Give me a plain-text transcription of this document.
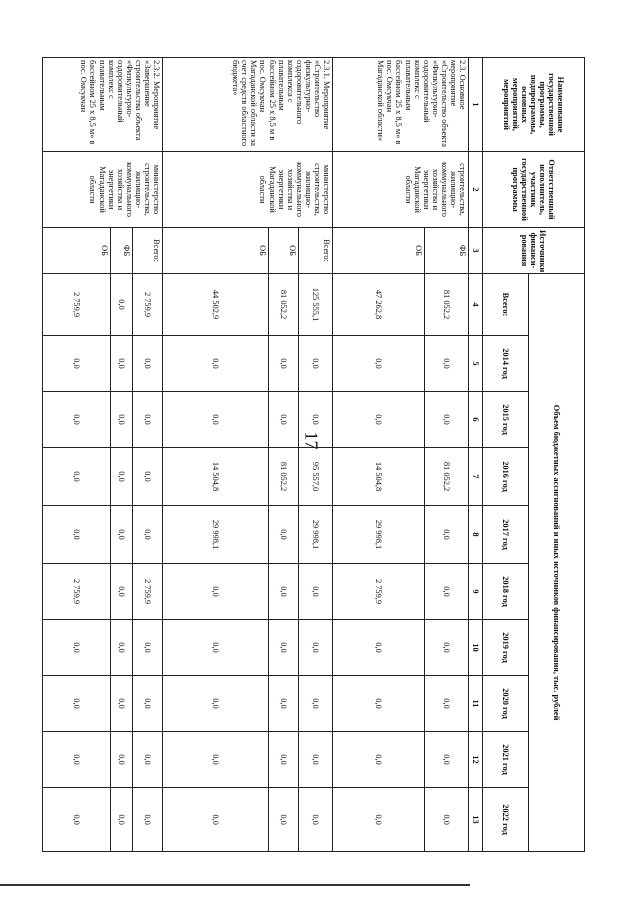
17
Наименование государственной программы, подпрограммы, основных мероприятий, мероприятий	Ответственный исполнитель, участник государственной программы	Источники финанси-рования	Объем бюджетных ассигнований и иных источников финансирования, тыс. рублей									
			Всего:	2014 год	2015 год	2016 год	2017 год	2018 год	2019 год	2020 год	2021 год	2022 год
1	2	3	4	5	6	7	8	9	10	11	12	13
2.3. Основное мероприятие «Строительство объекта «Физкультурно-оздоровительный комплекс с плавательным бассейном 25 х 8,5 м» в пос. Омсукчан Магаданской области»	строительства, жилищно-коммунального хозяйства и энергетики Магаданской области	ФБ	81 052,2	0,0	0,0	81 052,2	0,0	0,0	0,0	0,0	0,0	0,0
		ОБ	47 262,8	0,0	0,0	14 504,8	29 998,1	2 759,9	0,0	0,0	0,0	0,0
2.3.1. Мероприятие «Строительство физкультурно-оздоровительного комплекса с плавательным бассейном 25 х 8,5 м в пос. Омсукчан Магаданской области за счет средств областного бюджета»	министерство строительства, жилищно-коммунального хозяйства и энергетики Магаданской области	Всего:	125 555,1	0,0	0,0	95 557,0	29 998,1	0,0	0,0	0,0	0,0	0,0
		ОБ	81 052,2	0,0	0,0	81 052,2	0,0	0,0	0,0	0,0	0,0	0,0
		ОБ	44 502,9	0,0	0,0	14 504,8	29 998,1	0,0	0,0	0,0	0,0	0,0
2.3.2. Мероприятие «Завершение строительства объекта «Физкультурно-оздоровительный комплекс с плавательным бассейном 25 х 8,5 м» в пос. Омсукчан	министерство строительства, жилищно-коммунального хозяйства и энергетики Магаданской области	Всего:	2 759,9	0,0	0,0	0,0	0,0	2 759,9	0,0	0,0	0,0	0,0
		ФБ	0,0	0,0	0,0	0,0	0,0	0,0	0,0	0,0	0,0	0,0
		ОБ	2 759,9	0,0	0,0	0,0	0,0	2 759,9	0,0	0,0	0,0	0,0
